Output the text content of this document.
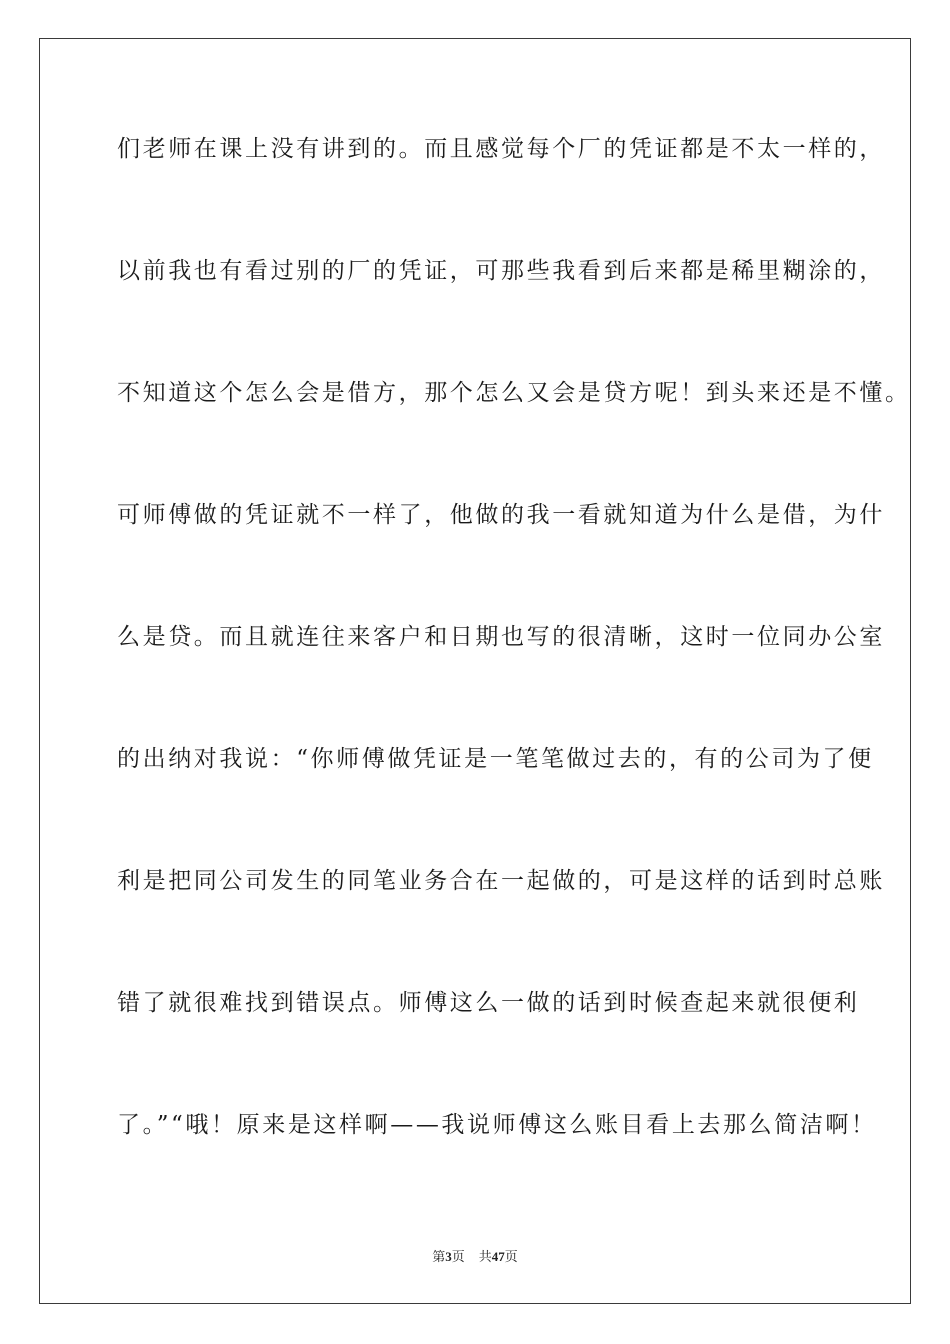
们老师在课上没有讲到的。而且感觉每个厂的凭证都是不太一样的，
以前我也有看过别的厂的凭证，可那些我看到后来都是稀里糊涂的，
不知道这个怎么会是借方，那个怎么又会是贷方呢！到头来还是不懂。
可师傅做的凭证就不一样了，他做的我一看就知道为什么是借，为什
么是贷。而且就连往来客户和日期也写的很清晰，这时一位同办公室
的出纳对我说：“你师傅做凭证是一笔笔做过去的，有的公司为了便
利是把同公司发生的同笔业务合在一起做的，可是这样的话到时总账
错了就很难找到错误点。师傅这么一做的话到时候查起来就很便利
了。”“哦！原来是这样啊——我说师傅这么账目看上去那么简洁啊！
第3页 共47页
